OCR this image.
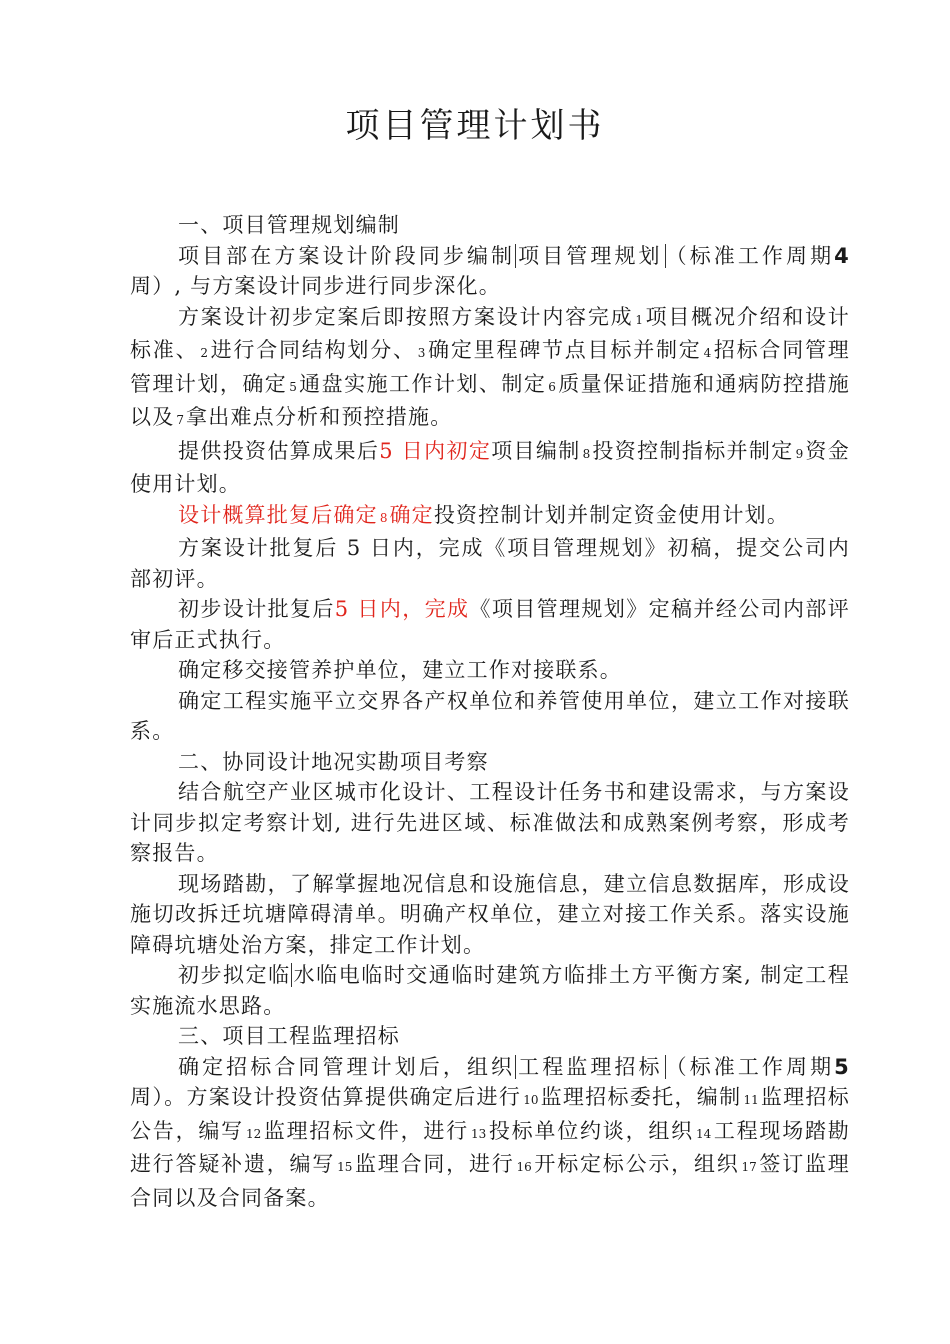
项目管理计划书

一、项目管理规划编制

项目部在方案设计阶段同步编制 项目管理规划 （标准工作周期4周）, 与方案设计同步进行同步深化。

方案设计初步定案后即按照方案设计内容完成 1项目概况介绍和设计标准、 2进行合同结构划分、 3确定里程碑节点目标并制定 4招标合同管理管理计划，确定 5通盘实施工作计划、制定 6质量保证措施和通病防控措施以及 7拿出难点分析和预控措施。

提供投资估算成果后5 日内初定项目编制 8投资控制指标并制定 9资金使用计划。

设计概算批复后确定 8确定投资控制计划并制定资金使用计划。

方案设计批复后 5 日内，完成《项目管理规划》初稿，提交公司内部初评。

初步设计批复后5 日内，完成《项目管理规划》定稿并经公司内部评审后正式执行。

确定移交接管养护单位，建立工作对接联系。

确定工程实施平立交界各产权单位和养管使用单位，建立工作对接联系。

二、协同设计地况实勘项目考察

结合航空产业区城市化设计、工程设计任务书和建设需求，与方案设计同步拟定考察计划, 进行先进区域、标准做法和成熟案例考察，形成考察报告。

现场踏勘，了解掌握地况信息和设施信息，建立信息数据库，形成设施切改拆迁坑塘障碍清单。明确产权单位，建立对接工作关系。落实设施障碍坑塘处治方案，排定工作计划。

初步拟定临 水临电临时交通临时建筑方临排土方平衡方案, 制定工程实施流水思路。

三、项目工程监理招标

确定招标合同管理计划后，组织 工程监理招标 （标准工作周期5周）。方案设计投资估算提供确定后进行 10监理招标委托，编制 11监理招标公告，编写 12监理招标文件，进行 13投标单位约谈，组织 14工程现场踏勘进行答疑补遗，编写 15监理合同，进行 16开标定标公示，组织 17签订监理合同以及合同备案。
